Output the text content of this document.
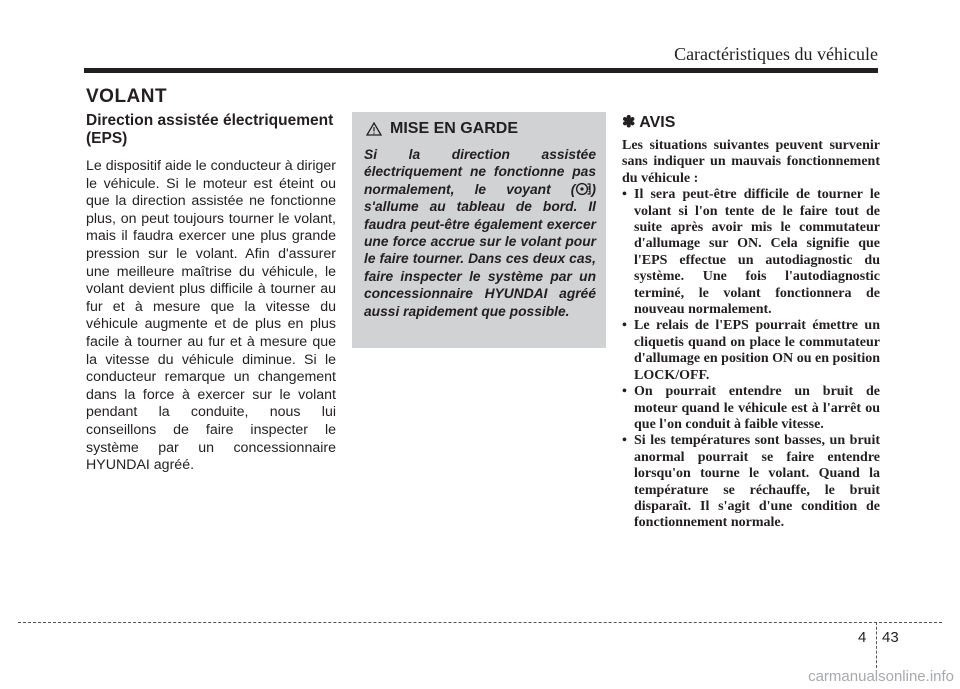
Caractéristiques du véhicule
VOLANT
Direction assistée électriquement (EPS)

Le dispositif aide le conducteur à diriger le véhicule. Si le moteur est éteint ou que la direction assistée ne fonctionne plus, on peut toujours tourner le volant, mais il faudra exercer une plus grande pression sur le volant. Afin d'assurer une meilleure maîtrise du véhicule, le volant devient plus difficile à tourner au fur et à mesure que la vitesse du véhicule augmente et de plus en plus facile à tourner au fur et à mesure que la vitesse du véhicule diminue. Si le conducteur remarque un changement dans la force à exercer sur le volant pendant la conduite, nous lui conseillons de faire inspecter le système par un concessionnaire HYUNDAI agréé.

MISE EN GARDE

Si la direction assistée électriquement ne fonctionne pas normalement, le voyant ( ) s'allume au tableau de bord. Il faudra peut-être également exercer une force accrue sur le volant pour le faire tourner. Dans ces deux cas, faire inspecter le système par un concessionnaire HYUNDAI agréé aussi rapidement que possible.

✽ AVIS

Les situations suivantes peuvent survenir sans indiquer un mauvais fonctionnement du véhicule :

• Il sera peut-être difficile de tourner le volant si l'on tente de le faire tout de suite après avoir mis le commutateur d'allumage sur ON. Cela signifie que l'EPS effectue un autodiagnostic du système. Une fois l'autodiagnostic terminé, le volant fonctionnera de nouveau normalement.
• Le relais de l'EPS pourrait émettre un cliquetis quand on place le commutateur d'allumage en position ON ou en position LOCK/OFF.
• On pourrait entendre un bruit de moteur quand le véhicule est à l'arrêt ou que l'on conduit à faible vitesse.
• Si les températures sont basses, un bruit anormal pourrait se faire entendre lorsqu'on tourne le volant. Quand la température se réchauffe, le bruit disparaît. Il s'agit d'une condition de fonctionnement normale.
4 43
carmanualsonline.info
